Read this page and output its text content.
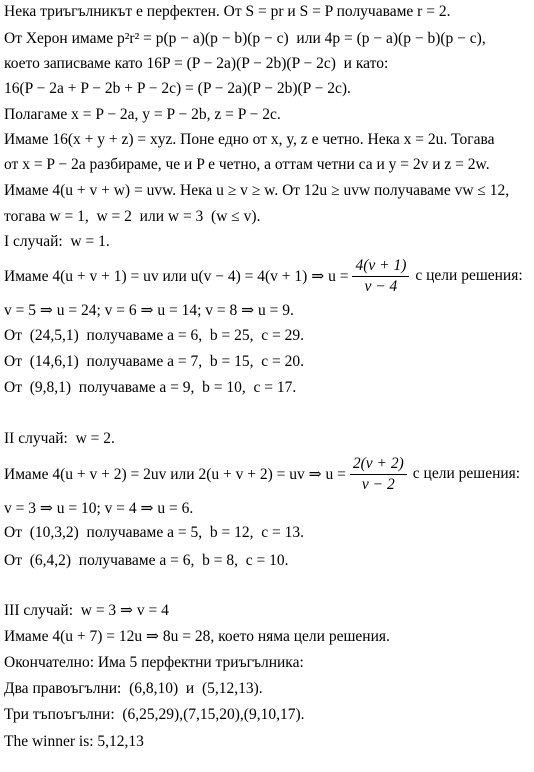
Нека триъгълникът е перфектен. От S = pr и S = P получаваме r = 2.
От Херон имаме p²r² = p(p − a)(p − b)(p − c)  или 4p = (p − a)(p − b)(p − c),
което записваме като 16P = (P − 2a)(P − 2b)(P − 2c)  и като:
16(P − 2a + P − 2b + P − 2c) = (P − 2a)(P − 2b)(P − 2c).
Полагаме x = P − 2a, y = P − 2b, z = P − 2c.
Имаме 16(x + y + z) = xyz. Поне едно от x, y, z е четно. Нека x = 2u. Тогава
от x = P − 2a разбираме, че и P е четно, а оттам четни са и y = 2v и z = 2w.
Имаме 4(u + v + w) = uvw. Нека u ≥ v ≥ w. От 12u ≥ uvw получаваме vw ≤ 12,
тогава w = 1,  w = 2  или w = 3  (w ≤ v).
I случай:  w = 1.
Имаме 4(u + v + 1) = uv или u(v − 4) = 4(v + 1) ⇒ $u = \frac{4(v + 1)}{v - 4}$ с цели решения:
v = 5 ⇒ u = 24; v = 6 ⇒ u = 14; v = 8 ⇒ u = 9.
От  (24,5,1)  получаваме a = 6,  b = 25,  c = 29.
От  (14,6,1)  получаваме a = 7,  b = 15,  c = 20.
От  (9,8,1)  получаваме a = 9,  b = 10,  c = 17.
II случай:  w = 2.
Имаме 4(u + v + 2) = 2uv или 2(u + v + 2) = uv ⇒ $u = \frac{2(v + 2)}{v - 2}$ с цели решения:
v = 3 ⇒ u = 10; v = 4 ⇒ u = 6.
От  (10,3,2)  получаваме a = 5,  b = 12,  c = 13.
От  (6,4,2)  получаваме a = 6,  b = 8,  c = 10.
III случай:  w = 3 ⇒ v = 4
Имаме 4(u + 7) = 12u ⇒ 8u = 28, което няма цели решения.
Окончателно: Има 5 перфектни триъгълника:
Два правоъгълни:  (6,8,10)  и  (5,12,13).
Три тъпоъгълни:  (6,25,29),(7,15,20),(9,10,17).
The winner is: 5,12,13
